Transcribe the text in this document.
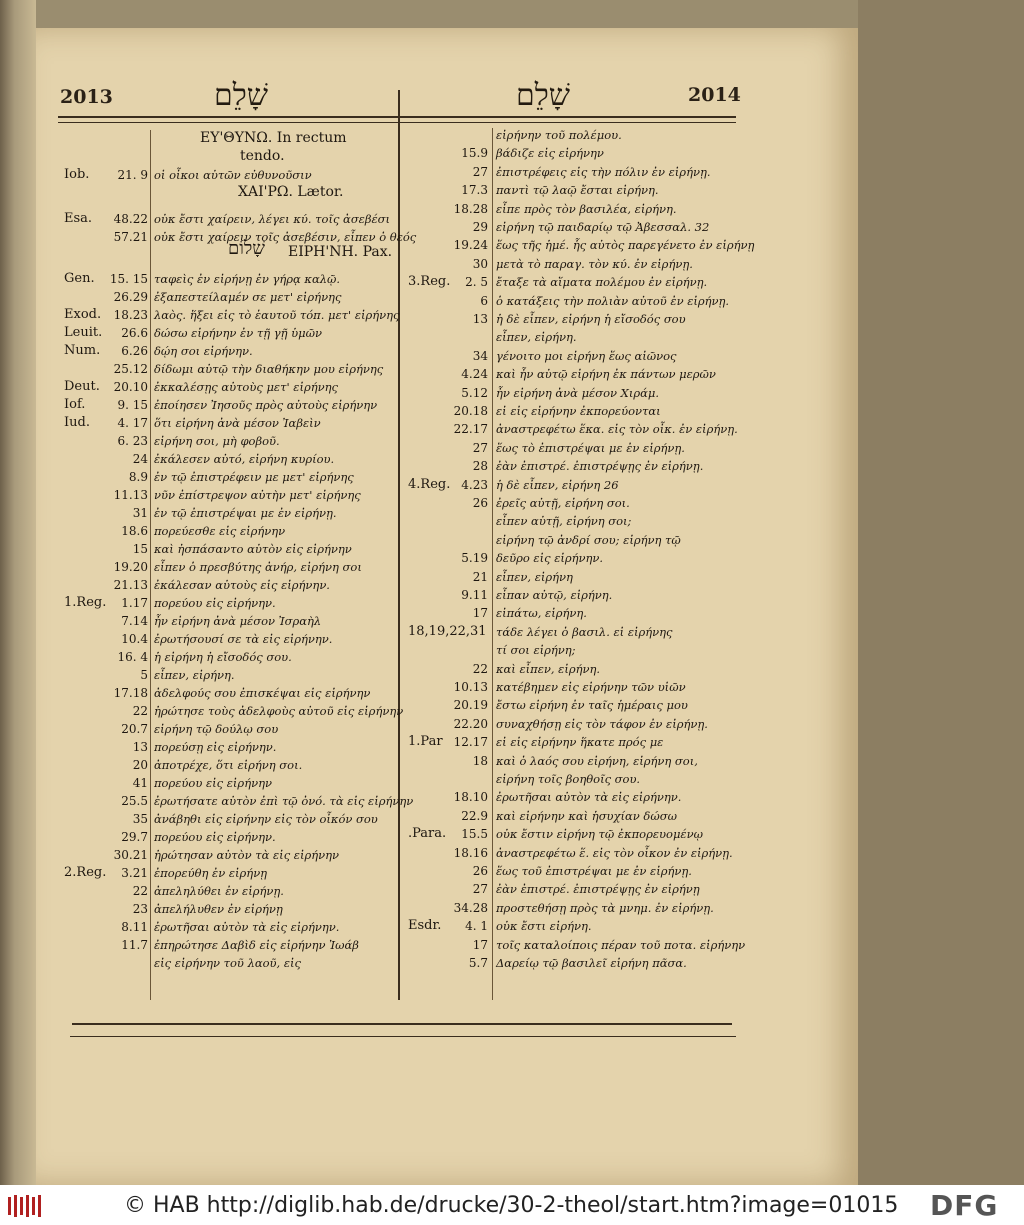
2013	2014
שָׁלֵם	שָׁלֵם
ΕΥ'ΘΥΝΩ. In rectum
tendo.
ΧΑΙ'ΡΩ. Lætor.
שָׁלוֹם ΕΙΡΗ'ΝΗ. Pax.
Iob.	21. 9 οἱ οἶκοι αὐτῶν εὐθυνοῦσιν
Esa.	48.22 οὐκ ἔστι χαίρειν, λέγει κύ. τοῖς ἀσεβέσι
57.21 οὐκ ἔστι χαίρειν τοῖς ἀσεβέσιν, εἶπεν ὁ θεός
Gen.	15. 15 ταφεὶς ἐν εἰρήνῃ ἐν γήρᾳ καλῷ.
26.29 ἐξαπεστείλαμέν σε μετ' εἰρήνης
Exod.	18.23 λαὸς. ἥξει εἰς τὸ ἑαυτοῦ τόπ. μετ' εἰρήνης
Leuit.	26.6 δώσω εἰρήνην ἐν τῇ γῇ ὑμῶν
Num.	6.26 δῴη σοι εἰρήνην.
25.12 δίδωμι αὐτῷ τὴν διαθήκην μου εἰρήνης
Deut.	20.10 ἐκκαλέσῃς αὐτοὺς μετ' εἰρήνης
Iof.	9. 15 ἐποίησεν Ἰησοῦς πρὸς αὐτοὺς εἰρήνην
Iud.	4. 17 ὅτι εἰρήνη ἀνὰ μέσον Ἰαβεὶν
6. 23 εἰρήνη σοι, μὴ φοβοῦ.
24 ἐκάλεσεν αὐτό, εἰρήνη κυρίου.
8.9 ἐν τῷ ἐπιστρέφειν με μετ' εἰρήνης
11.13 νῦν ἐπίστρεψον αὐτὴν μετ' εἰρήνης
31 ἐν τῷ ἐπιστρέψαι με ἐν εἰρήνῃ.
18.6 πορεύεσθε εἰς εἰρήνην
15 καὶ ἠσπάσαντο αὐτὸν εἰς εἰρήνην
19.20 εἶπεν ὁ πρεσβύτης ἀνήρ, εἰρήνη σοι
21.13 ἐκάλεσαν αὐτοὺς εἰς εἰρήνην.
1.Reg.	1.17 πορεύου εἰς εἰρήνην.
7.14 ἦν εἰρήνη ἀνὰ μέσον Ἰσραὴλ
10.4 ἐρωτήσουσί σε τὰ εἰς εἰρήνην.
16. 4 ἡ εἰρήνη ἡ εἴσοδός σου.
5 εἶπεν, εἰρήνη.
17.18 ἀδελφούς σου ἐπισκέψαι εἰς εἰρήνην
22 ἠρώτησε τοὺς ἀδελφοὺς αὐτοῦ εἰς εἰρήνην
20.7 εἰρήνη τῷ δούλῳ σου
13 πορεύσῃ εἰς εἰρήνην.
20 ἀποτρέχε, ὅτι εἰρήνη σοι.
41 πορεύου εἰς εἰρήνην
25.5 ἐρωτήσατε αὐτὸν ἐπὶ τῷ ὀνό. τὰ εἰς εἰρήνην
35 ἀνάβηθι εἰς εἰρήνην εἰς τὸν οἶκόν σου
29.7 πορεύου εἰς εἰρήνην.
30.21 ἠρώτησαν αὐτὸν τὰ εἰς εἰρήνην
2.Reg.	3.21 ἐπορεύθη ἐν εἰρήνῃ
22 ἀπεληλύθει ἐν εἰρήνῃ.
23 ἀπελήλυθεν ἐν εἰρήνῃ
8.11 ἐρωτῆσαι αὐτὸν τὰ εἰς εἰρήνην.
11.7 ἐπηρώτησε Δαβὶδ εἰς εἰρήνην Ἰωάβ
εἰς εἰρήνην τοῦ λαοῦ, εἰς
εἰρήνην τοῦ πολέμου.
15.9 βάδιζε εἰς εἰρήνην
27 ἐπιστρέφεις εἰς τὴν πόλιν ἐν εἰρήνῃ.
17.3 παντὶ τῷ λαῷ ἔσται εἰρήνη.
18.28 εἶπε πρὸς τὸν βασιλέα, εἰρήνη.
29 εἰρήνη τῷ παιδαρίῳ τῷ Ἀβεσσαλ. 32
19.24 ἕως τῆς ἡμέ. ἧς αὐτὸς παρεγένετο ἐν εἰρήνῃ
30 μετὰ τὸ παραγ. τὸν κύ. ἐν εἰρήνῃ.
3.Reg.	2. 5 ἔταξε τὰ αἵματα πολέμου ἐν εἰρήνῃ.
6 ὁ κατάξεις τὴν πολιὰν αὐτοῦ ἐν εἰρήνῃ.
13 ἡ δὲ εἶπεν, εἰρήνη ἡ εἴσοδός σου
εἶπεν, εἰρήνη.
34 γένοιτο μοι εἰρήνη ἕως αἰῶνος
4.24 καὶ ἦν αὐτῷ εἰρήνη ἐκ πάντων μερῶν
5.12 ἦν εἰρήνη ἀνὰ μέσον Χιράμ.
20.18 εἰ εἰς εἰρήνην ἐκπορεύονται
22.17 ἀναστρεφέτω ἕκα. εἰς τὸν οἶκ. ἐν εἰρήνῃ.
27 ἕως τὸ ἐπιστρέψαι με ἐν εἰρήνῃ.
28 ἐὰν ἐπιστρέ. ἐπιστρέψῃς ἐν εἰρήνῃ.
4.Reg. 4.23 ἡ δὲ εἶπεν, εἰρήνη 26
26 ἐρεῖς αὐτῇ, εἰρήνη σοι.
εἶπεν αὐτῇ, εἰρήνη σοι;
εἰρήνη τῷ ἀνδρί σου; εἰρήνη τῷ
5.19 δεῦρο εἰς εἰρήνην.
21 εἶπεν, εἰρήνη
9.11 εἶπαν αὐτῷ, εἰρήνη.
17 εἰπάτω, εἰρήνη.
18,19,22,31 τάδε λέγει ὁ βασιλ. εἰ εἰρήνης
τί σοι εἰρήνη;
22 καὶ εἶπεν, εἰρήνη.
10.13 κατέβημεν εἰς εἰρήνην τῶν υἱῶν
20.19 ἔστω εἰρήνη ἐν ταῖς ἡμέραις μου
22.20 συναχθήσῃ εἰς τὸν τάφον ἐν εἰρήνῃ.
1.Par 12.17 εἰ εἰς εἰρήνην ἥκατε πρός με
18 καὶ ὁ λαός σου εἰρήνη, εἰρήνη σοι,
εἰρήνη τοῖς βοηθοῖς σου.
18.10 ἐρωτῆσαι αὐτὸν τὰ εἰς εἰρήνην.
22.9 καὶ εἰρήνην καὶ ἡσυχίαν δώσω
.Para.	15.5 οὐκ ἔστιν εἰρήνη τῷ ἐκπορευομένῳ
18.16 ἀναστρεφέτω ἕ. εἰς τὸν οἶκον ἐν εἰρήνῃ.
26 ἕως τοῦ ἐπιστρέψαι με ἐν εἰρήνῃ.
27 ἐὰν ἐπιστρέ. ἐπιστρέψῃς ἐν εἰρήνῃ
34.28 προστεθήσῃ πρὸς τὰ μνημ. ἐν εἰρήνῃ.
Esdr.	4. 1 οὐκ ἔστι εἰρήνη.
17 τοῖς καταλοίποις πέραν τοῦ ποτα. εἰρήνην
5.7 Δαρείῳ τῷ βασιλεῖ εἰρήνη πᾶσα.
© HAB http://diglib.hab.de/drucke/30-2-theol/start.htm?image=01015 DFG
